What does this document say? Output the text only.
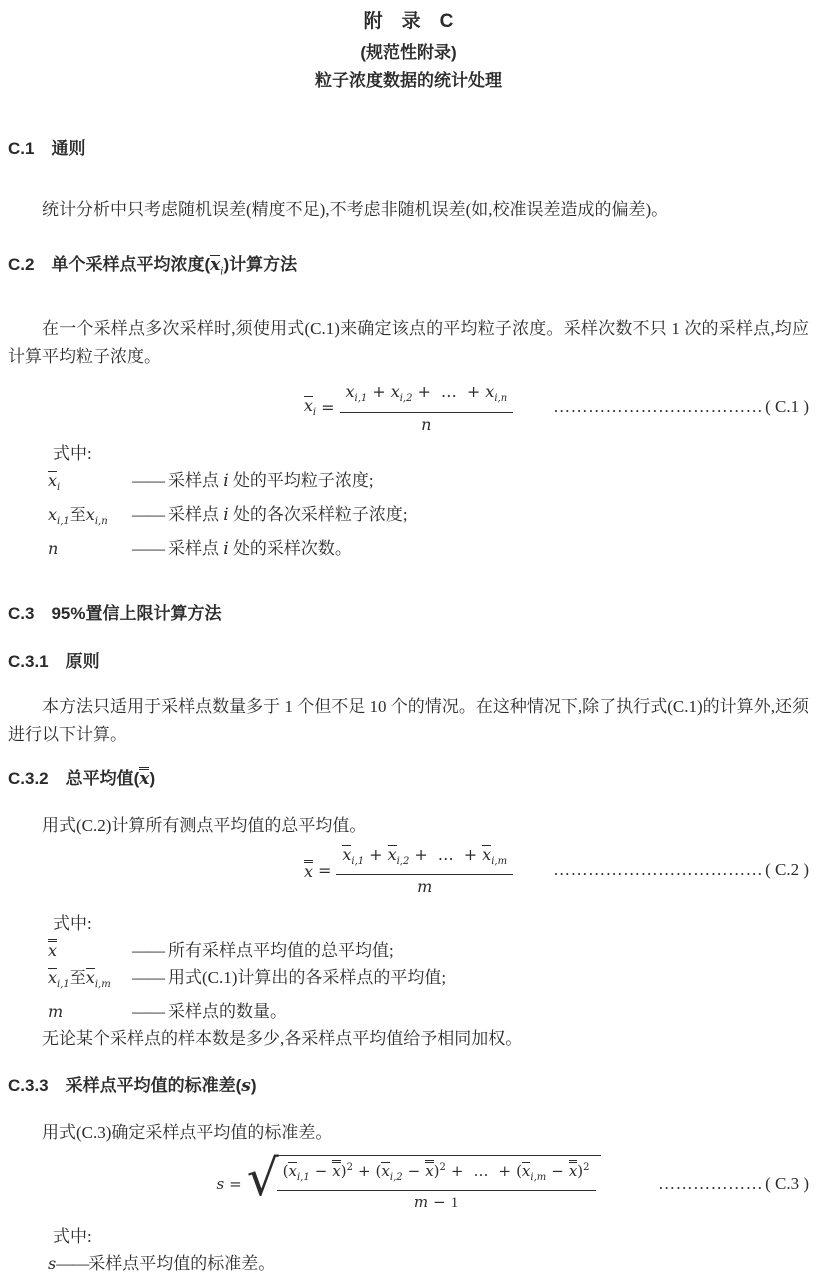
附　录　C
(规范性附录)
粒子浓度数据的统计处理
C.1　通则

统计分析中只考虑随机误差(精度不足),不考虑非随机误差(如,校准误差造成的偏差)。

C.2　单个采样点平均浓度$(x_i)$计算方法

在一个采样点多次采样时,须使用式(C.1)来确定该点的平均粒子浓度。采样次数不只 1 次的采样点,均应计算平均粒子浓度。

$x_i = \frac{x_{i,1} + x_{i,2} + \dots + x_{i,n}}{n}$ ……………………………… ( C.1 )

式中:

$x_i$	—— 采样点 i 处的平均粒子浓度;
$x_{i,1}$至$x_{i,n}$	—— 采样点 i 处的各次采样粒子浓度;
n	—— 采样点 i 处的采样次数。
C.3　95%置信上限计算方法
C.3.1　原则

本方法只适用于采样点数量多于 1 个但不足 10 个的情况。在这种情况下,除了执行式(C.1)的计算外,还须进行以下计算。

C.3.2　总平均值(x)

用式(C.2)计算所有测点平均值的总平均值。

$x = \frac{x_{i,1} + x_{i,2} + \dots + x_{i,m}}{m}$ ……………………………… ( C.2 )

式中:

x	—— 所有采样点平均值的总平均值;
$x_{i,1}$至$x_{i,m}$	—— 用式(C.1)计算出的各采样点的平均值;
m	—— 采样点的数量。

无论某个采样点的样本数是多少,各采样点平均值给予相同加权。

C.3.3　采样点平均值的标准差(s)

用式(C.3)确定采样点平均值的标准差。

s = √
$\frac{(x_{i,1} - x)^2 + (x_{i,2} - x)^2 + \dots + (x_{i,m} - x)^2}{m - 1}$	……………… ( C.3 )

式中:

s——采样点平均值的标准差。
